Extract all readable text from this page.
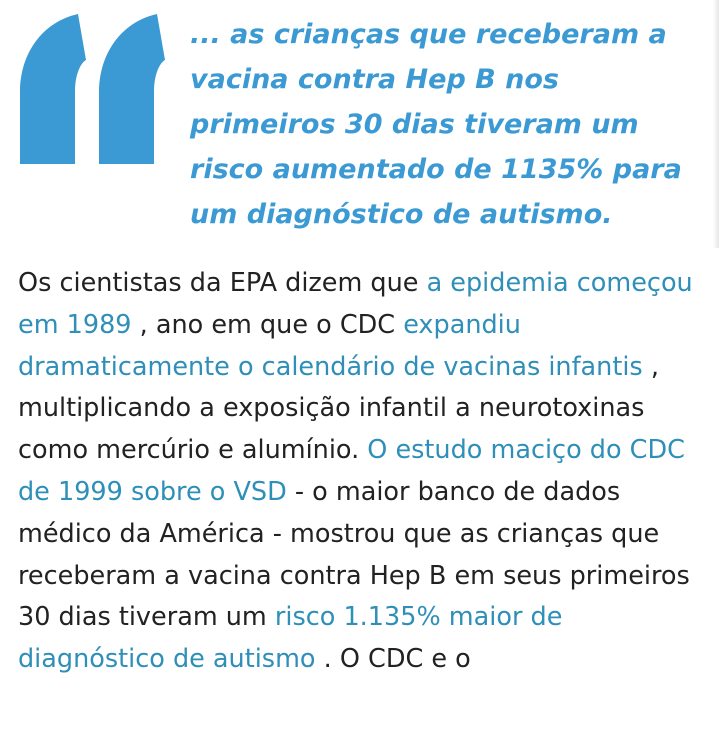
... as crianças que receberam a vacina contra Hep B nos primeiros 30 dias tiveram um risco aumentado de 1135% para um diagnóstico de autismo.

Os cientistas da EPA dizem que a epidemia começou em 1989 , ano em que o CDC expandiu dramaticamente o calendário de vacinas infantis , multiplicando a exposição infantil a neurotoxinas como mercúrio e alumínio. O estudo maciço do CDC de 1999 sobre o VSD - o maior banco de dados médico da América - mostrou que as crianças que receberam a vacina contra Hep B em seus primeiros 30 dias tiveram um risco 1.135% maior de diagnóstico de autismo . O CDC e o
